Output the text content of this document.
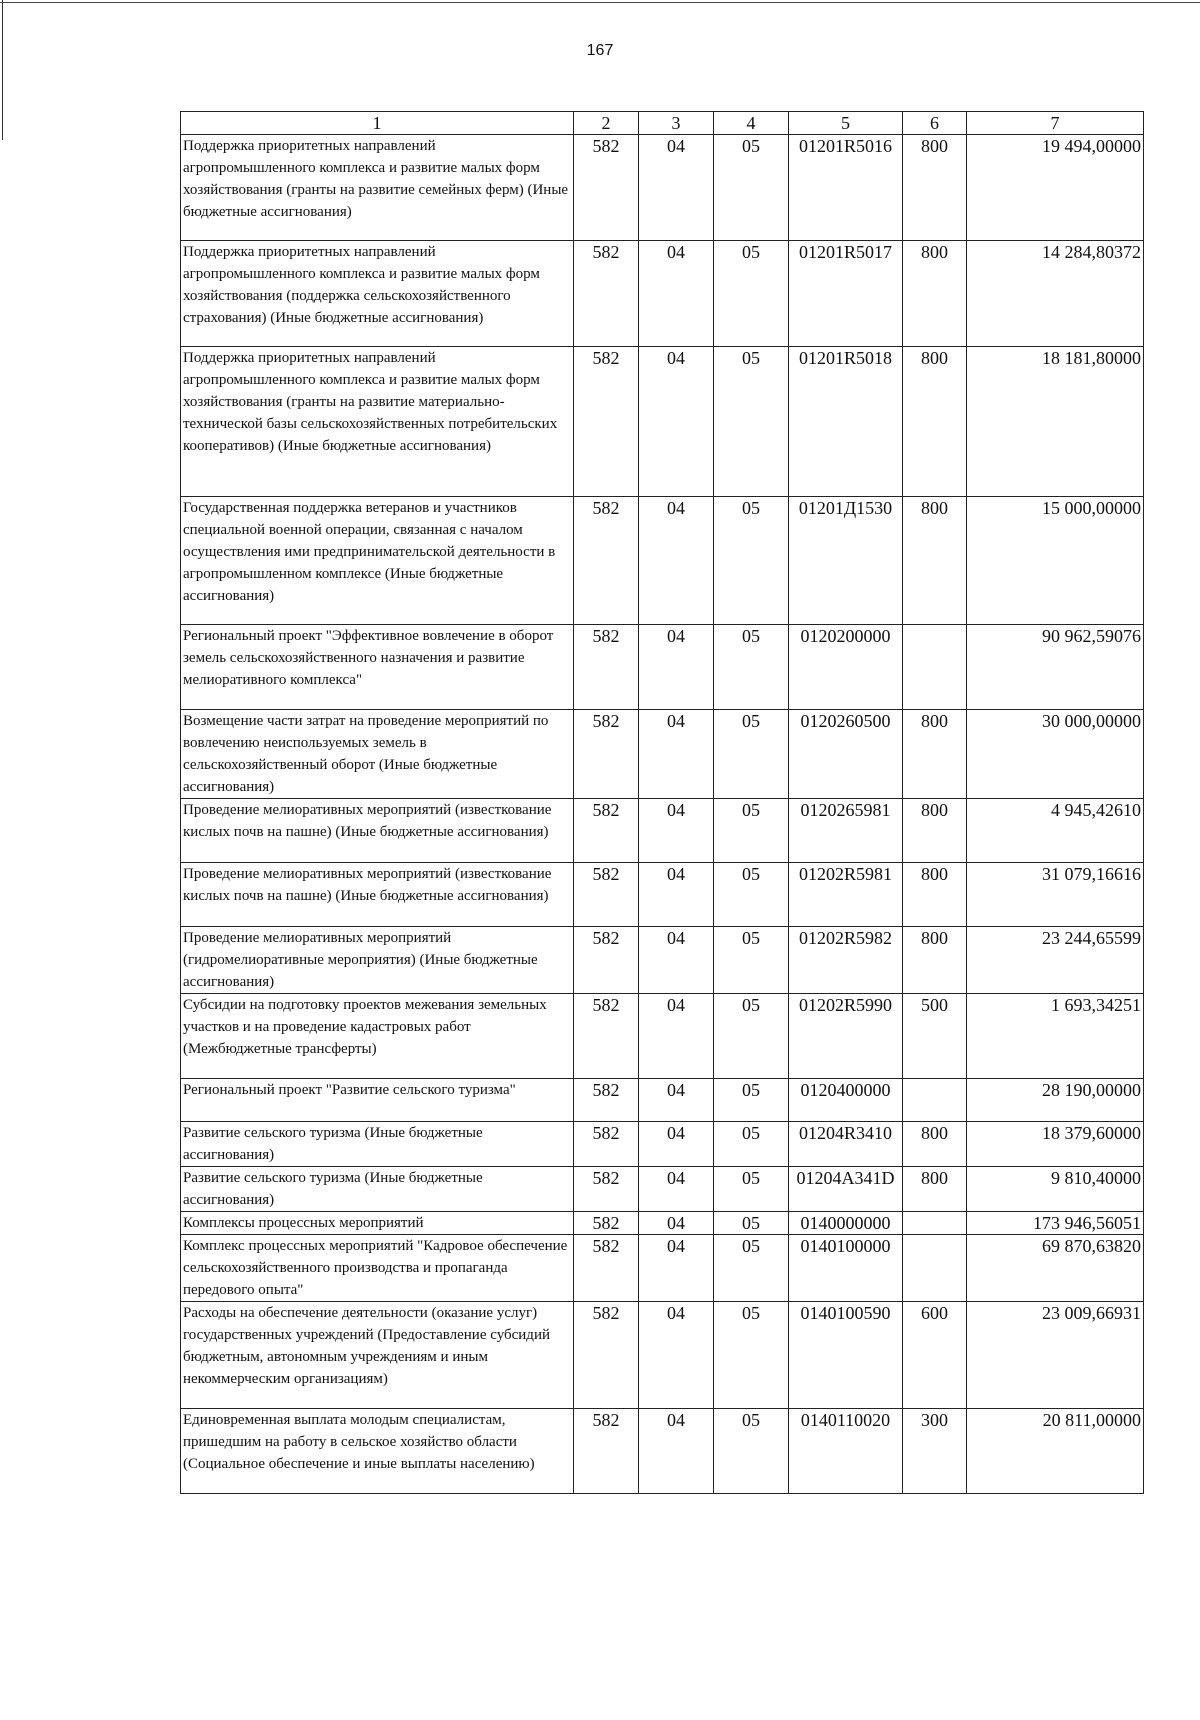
167
1	2	3	4	5	6	7
Поддержка приоритетных направлений агропромышленного комплекса и развитие малых форм хозяйствования (гранты на развитие семейных ферм) (Иные бюджетные ассигнования)	582	04	05	01201R5016	800	19 494,00000
Поддержка приоритетных направлений агропромышленного комплекса и развитие малых форм хозяйствования (поддержка сельскохозяйственного страхования) (Иные бюджетные ассигнования)	582	04	05	01201R5017	800	14 284,80372
Поддержка приоритетных направлений агропромышленного комплекса и развитие малых форм хозяйствования (гранты на развитие материально-технической базы сельскохозяйственных потребительских кооперативов) (Иные бюджетные ассигнования)	582	04	05	01201R5018	800	18 181,80000
Государственная поддержка ветеранов и участников специальной военной операции, связанная с началом осуществления ими предпринимательской деятельности в агропромышленном комплексе (Иные бюджетные ассигнования)	582	04	05	01201Д1530	800	15 000,00000
Региональный проект "Эффективное вовлечение в оборот земель сельскохозяйственного назначения и развитие мелиоративного комплекса"	582	04	05	0120200000		90 962,59076
Возмещение части затрат на проведение мероприятий по вовлечению неиспользуемых земель в сельскохозяйственный оборот (Иные бюджетные ассигнования)	582	04	05	0120260500	800	30 000,00000
Проведение мелиоративных мероприятий (известкование кислых почв на пашне) (Иные бюджетные ассигнования)	582	04	05	0120265981	800	4 945,42610
Проведение мелиоративных мероприятий (известкование кислых почв на пашне) (Иные бюджетные ассигнования)	582	04	05	01202R5981	800	31 079,16616
Проведение мелиоративных мероприятий (гидромелиоративные мероприятия) (Иные бюджетные ассигнования)	582	04	05	01202R5982	800	23 244,65599
Субсидии на подготовку проектов межевания земельных участков и на проведение кадастровых работ (Межбюджетные трансферты)	582	04	05	01202R5990	500	1 693,34251
Региональный проект "Развитие сельского туризма"	582	04	05	0120400000		28 190,00000
Развитие сельского туризма (Иные бюджетные ассигнования)	582	04	05	01204R3410	800	18 379,60000
Развитие сельского туризма (Иные бюджетные ассигнования)	582	04	05	01204A341D	800	9 810,40000
Комплексы процессных мероприятий	582	04	05	0140000000		173 946,56051
Комплекс процессных мероприятий "Кадровое обеспечение сельскохозяйственного производства и пропаганда передового опыта"	582	04	05	0140100000		69 870,63820
Расходы на обеспечение деятельности (оказание услуг) государственных учреждений (Предоставление субсидий бюджетным, автономным учреждениям и иным некоммерческим организациям)	582	04	05	0140100590	600	23 009,66931
Единовременная выплата молодым специалистам, пришедшим на работу в сельское хозяйство области (Социальное обеспечение и иные выплаты населению)	582	04	05	0140110020	300	20 811,00000
